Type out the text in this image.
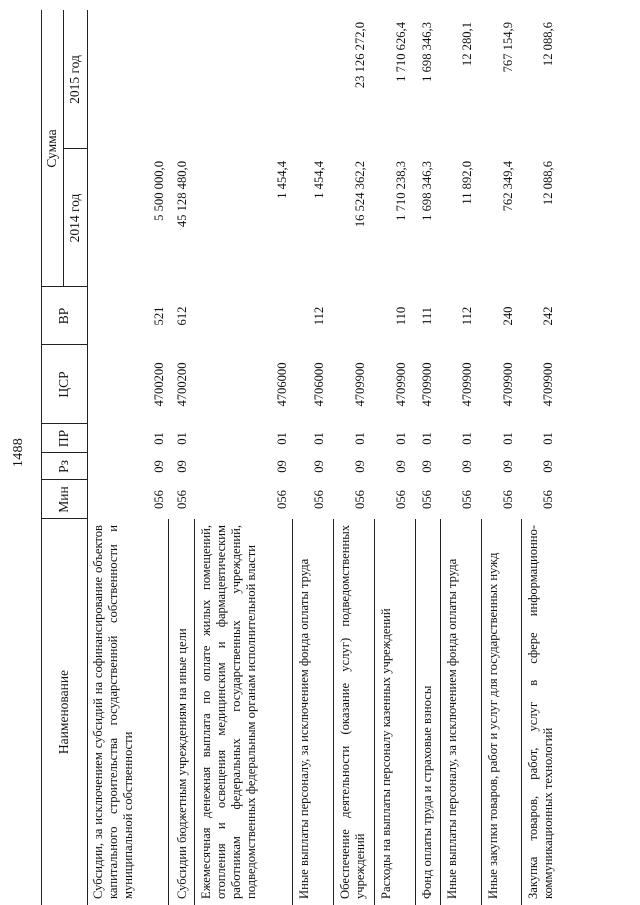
1488
Наименование
Мин
Рз
ПР
ЦСР
ВР
Сумма
2014 год
2015 год
Субсидии, за исключением субсидий на софинансирование объектов капитального строительства государственной собственности и муниципальной собственности
056
09
01
4700200
521
5 500 000,0
Субсидии бюджетным учреждениям на иные цели
056
09
01
4700200
612
45 128 480,0
Ежемесячная денежная выплата по оплате жилых помещений, отопления и освещения медицинским и фармацевтическим работникам федеральных государственных учреждений, подведомственных федеральным органам исполнительной власти
056
09
01
4706000
1 454,4
Иные выплаты персоналу, за исключением фонда оплаты труда
056
09
01
4706000
112
1 454,4
Обеспечение деятельности (оказание услуг) подведомственных учреждений
056
09
01
4709900
16 524 362,2
23 126 272,0
Расходы на выплаты персоналу казенных учреждений
056
09
01
4709900
110
1 710 238,3
1 710 626,4
Фонд оплаты труда и страховые взносы
056
09
01
4709900
111
1 698 346,3
1 698 346,3
Иные выплаты персоналу, за исключением фонда оплаты труда
056
09
01
4709900
112
11 892,0
12 280,1
Иные закупки товаров, работ и услуг для государственных нужд
056
09
01
4709900
240
762 349,4
767 154,9
Закупка товаров, работ, услуг в сфере информационно-коммуникационных технологий
056
09
01
4709900
242
12 088,6
12 088,6
